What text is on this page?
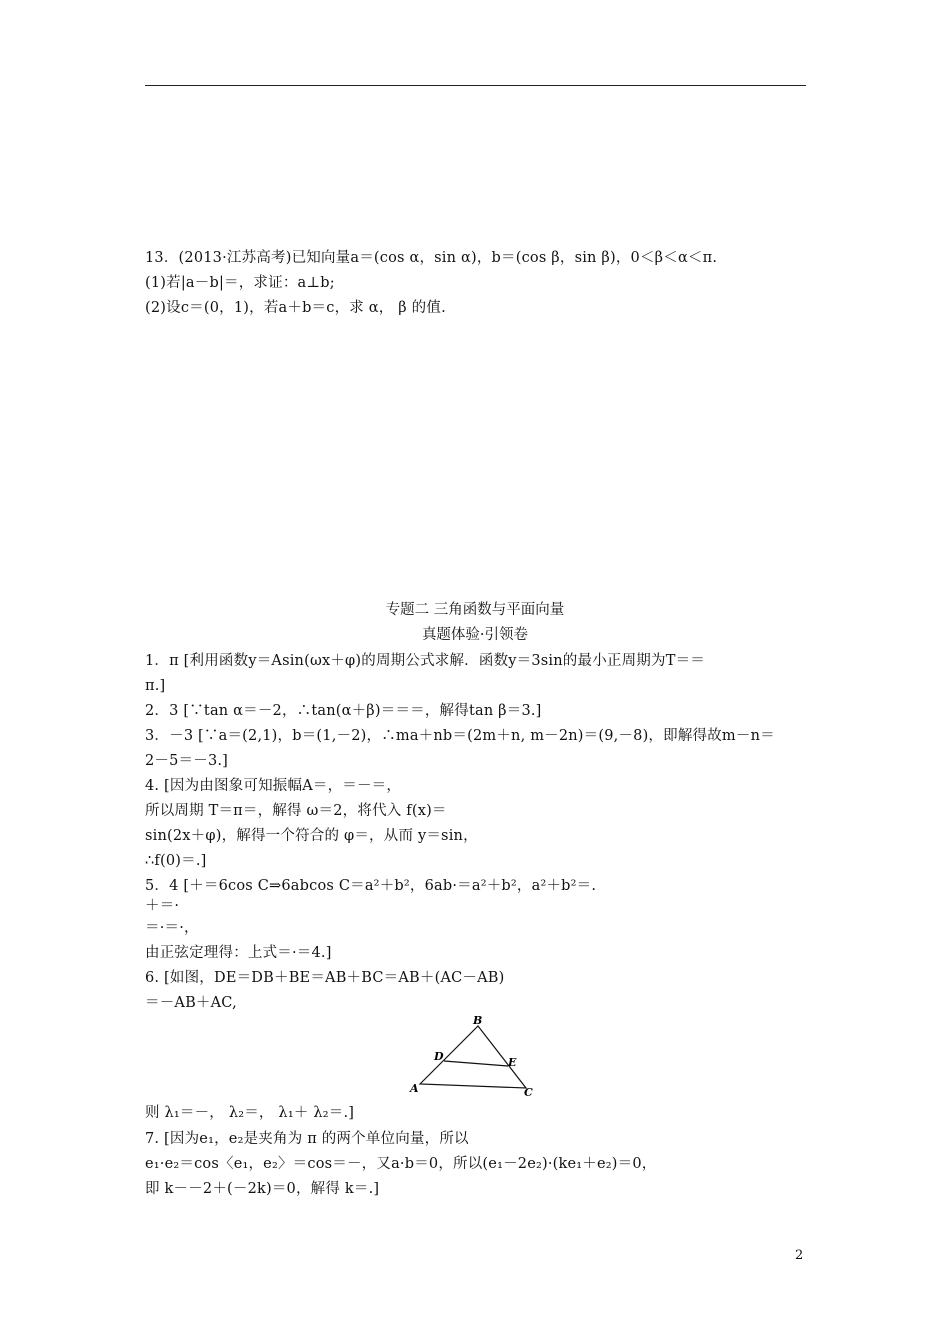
13．(2013·江苏高考)已知向量a＝(cos α，sin α)，b＝(cos β，sin β)，0＜β＜α＜π.
(1)若|a－b|＝，求证：a⊥b;
(2)设c＝(0，1)，若a＋b＝c，求 α， β 的值.
专题二 三角函数与平面向量
真题体验·引领卷
1．π [利用函数y＝Asin(ωx＋φ)的周期公式求解．函数y＝3sin的最小正周期为T＝＝
π.]
2．3 [∵tan α＝－2，∴tan(α＋β)＝＝＝，解得tan β＝3.]
3．－3 [∵a＝(2,1)，b＝(1,－2)，∴ma＋nb＝(2m＋n, m－2n)＝(9,－8)，即解得故m－n＝
2－5＝－3.]
4. [因为由图象可知振幅A＝，＝－＝，
所以周期 T＝π＝，解得 ω＝2，将代入 f(x)＝
sin(2x＋φ)，解得一个符合的 φ＝，从而 y＝sin，
∴f(0)＝.]
5．4 [＋＝6cos C⇒6abcos C＝a²＋b²，6ab·＝a²＋b²，a²＋b²＝.
＋＝·
＝·＝·，
由正弦定理得：上式＝·＝4.]
6. [如图，DE＝DB＋BE＝AB＋BC＝AB＋(AC－AB)
＝－AB＋AC,
A
B
C
D	E
则 λ₁＝－， λ₂＝， λ₁＋ λ₂＝.]
7. [因为e₁，e₂是夹角为 π 的两个单位向量，所以
e₁·e₂＝cos〈e₁，e₂〉＝cos＝－，又a·b＝0，所以(e₁－2e₂)·(ke₁＋e₂)＝0，
即 k－－2＋(－2k)＝0，解得 k＝.]
2
